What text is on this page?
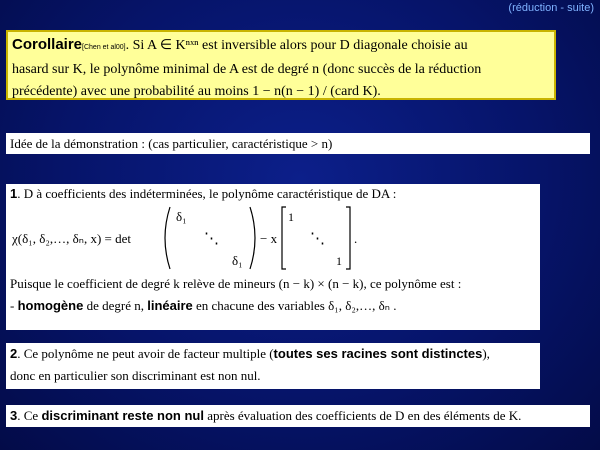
(réduction - suite)
Corollaire[Chen et al00]. Si A ∈ Kⁿˣⁿ est inversible alors pour D diagonale choisie au
hasard sur K, le polynôme minimal de A est de degré n (donc succès de la réduction
précédente) avec une probabilité au moins 1 − n(n − 1) / (card K).
Idée de la démonstration : (cas particulier, caractéristique > n)
1. D à coefficients des indéterminées, le polynôme caractéristique de DA :
χ(δ₁, δ₂,…, δₙ, x) = det
δ₁
⋱
δ₁
− x
1
⋱
1
.
Puisque le coefficient de degré k relève de mineurs (n − k) × (n − k), ce polynôme est :
- homogène de degré n, linéaire en chacune des variables δ₁, δ₂,…, δₙ .
2. Ce polynôme ne peut avoir de facteur multiple (toutes ses racines sont distinctes),
donc en particulier son discriminant est non nul.
3. Ce discriminant reste non nul après évaluation des coefficients de D en des éléments de K.
